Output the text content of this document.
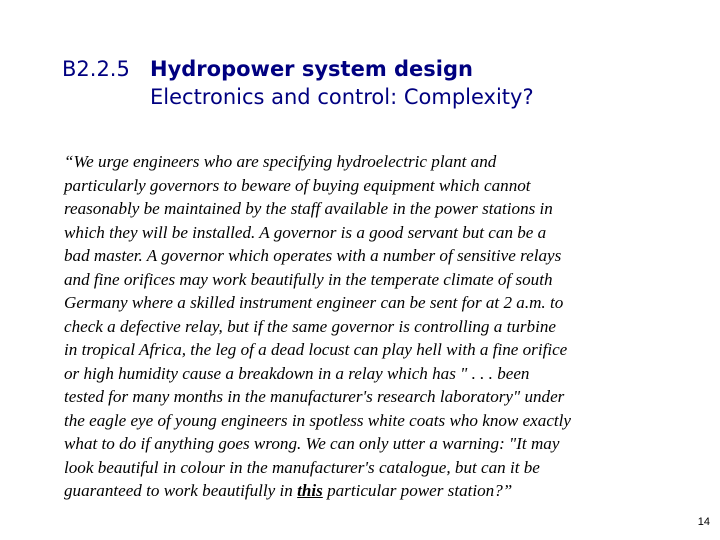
B2.2.5 Hydropower system design
Electronics and control: Complexity?
“We urge engineers who are specifying hydroelectric plant and
particularly governors to beware of buying equipment which cannot
reasonably be maintained by the staff available in the power stations in
which they will be installed. A governor is a good servant but can be a
bad master. A governor which operates with a number of sensitive relays
and fine orifices may work beautifully in the temperate climate of south
Germany where a skilled instrument engineer can be sent for at 2 a.m. to
check a defective relay, but if the same governor is controlling a turbine
in tropical Africa, the leg of a dead locust can play hell with a fine orifice
or high humidity cause a breakdown in a relay which has " . . . been
tested for many months in the manufacturer's research laboratory" under
the eagle eye of young engineers in spotless white coats who know exactly
what to do if anything goes wrong. We can only utter a warning: "It may
look beautiful in colour in the manufacturer's catalogue, but can it be
guaranteed to work beautifully in this particular power station?”
14
